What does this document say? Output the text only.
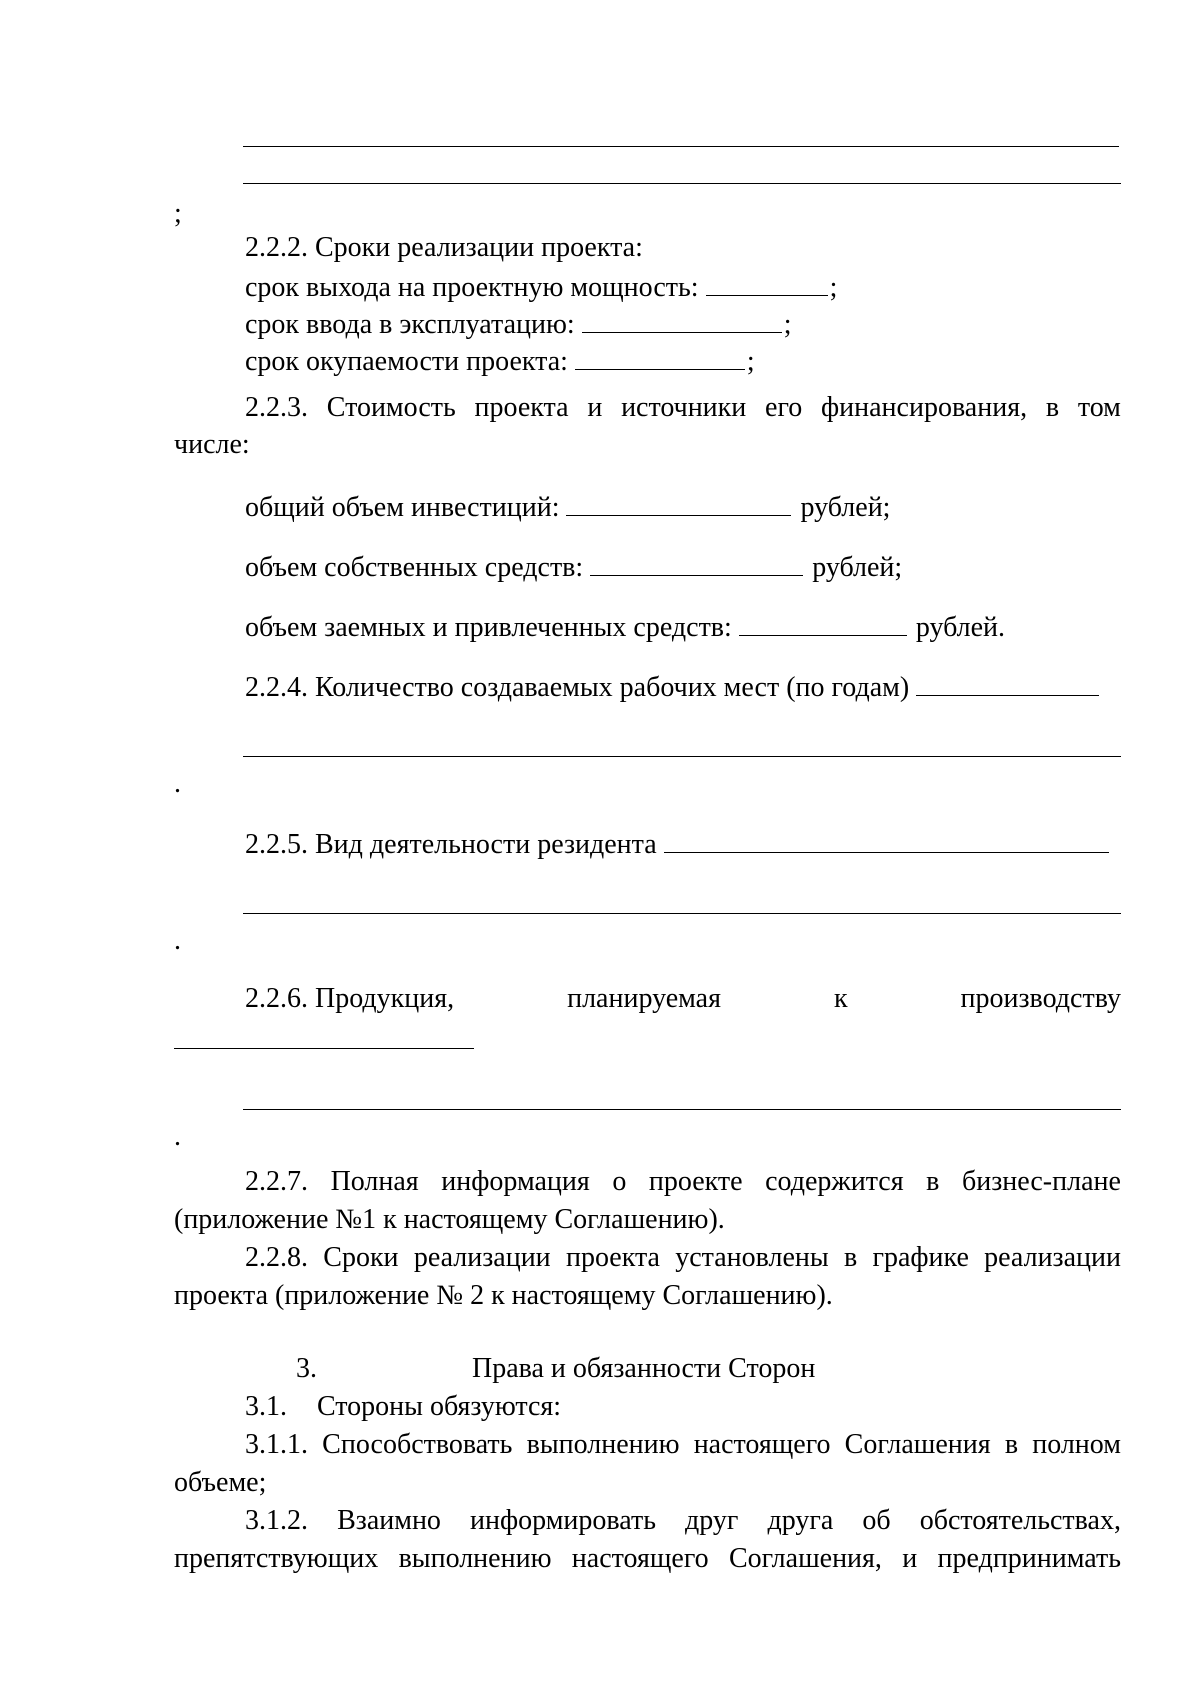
;
2.2.2. Сроки реализации проекта:
срок выхода на проектную мощность:	;
срок ввода в эксплуатацию:	;
срок окупаемости проекта:	;
2.2.3. Стоимость проекта и источники его финансирования, в том
числе:
общий объем инвестиций:	рублей;
объем собственных средств:	рублей;
объем заемных и привлеченных средств:	рублей.
2.2.4. Количество создаваемых рабочих мест (по годам)
.
2.2.5. Вид деятельности резидента
.
2.2.6. Продукция,	планируемая	к	производству
.
2.2.7. Полная информация о проекте содержится в бизнес-плане
(приложение №1 к настоящему Соглашению).
2.2.8. Сроки реализации проекта установлены в графике реализации
проекта (приложение № 2 к настоящему Соглашению).
3.	Права и обязанности Сторон
3.1. Стороны обязуются:
3.1.1. Способствовать выполнению настоящего Соглашения в полном
объеме;
3.1.2. Взаимно информировать друг друга об обстоятельствах,
препятствующих выполнению настоящего Соглашения, и предпринимать
